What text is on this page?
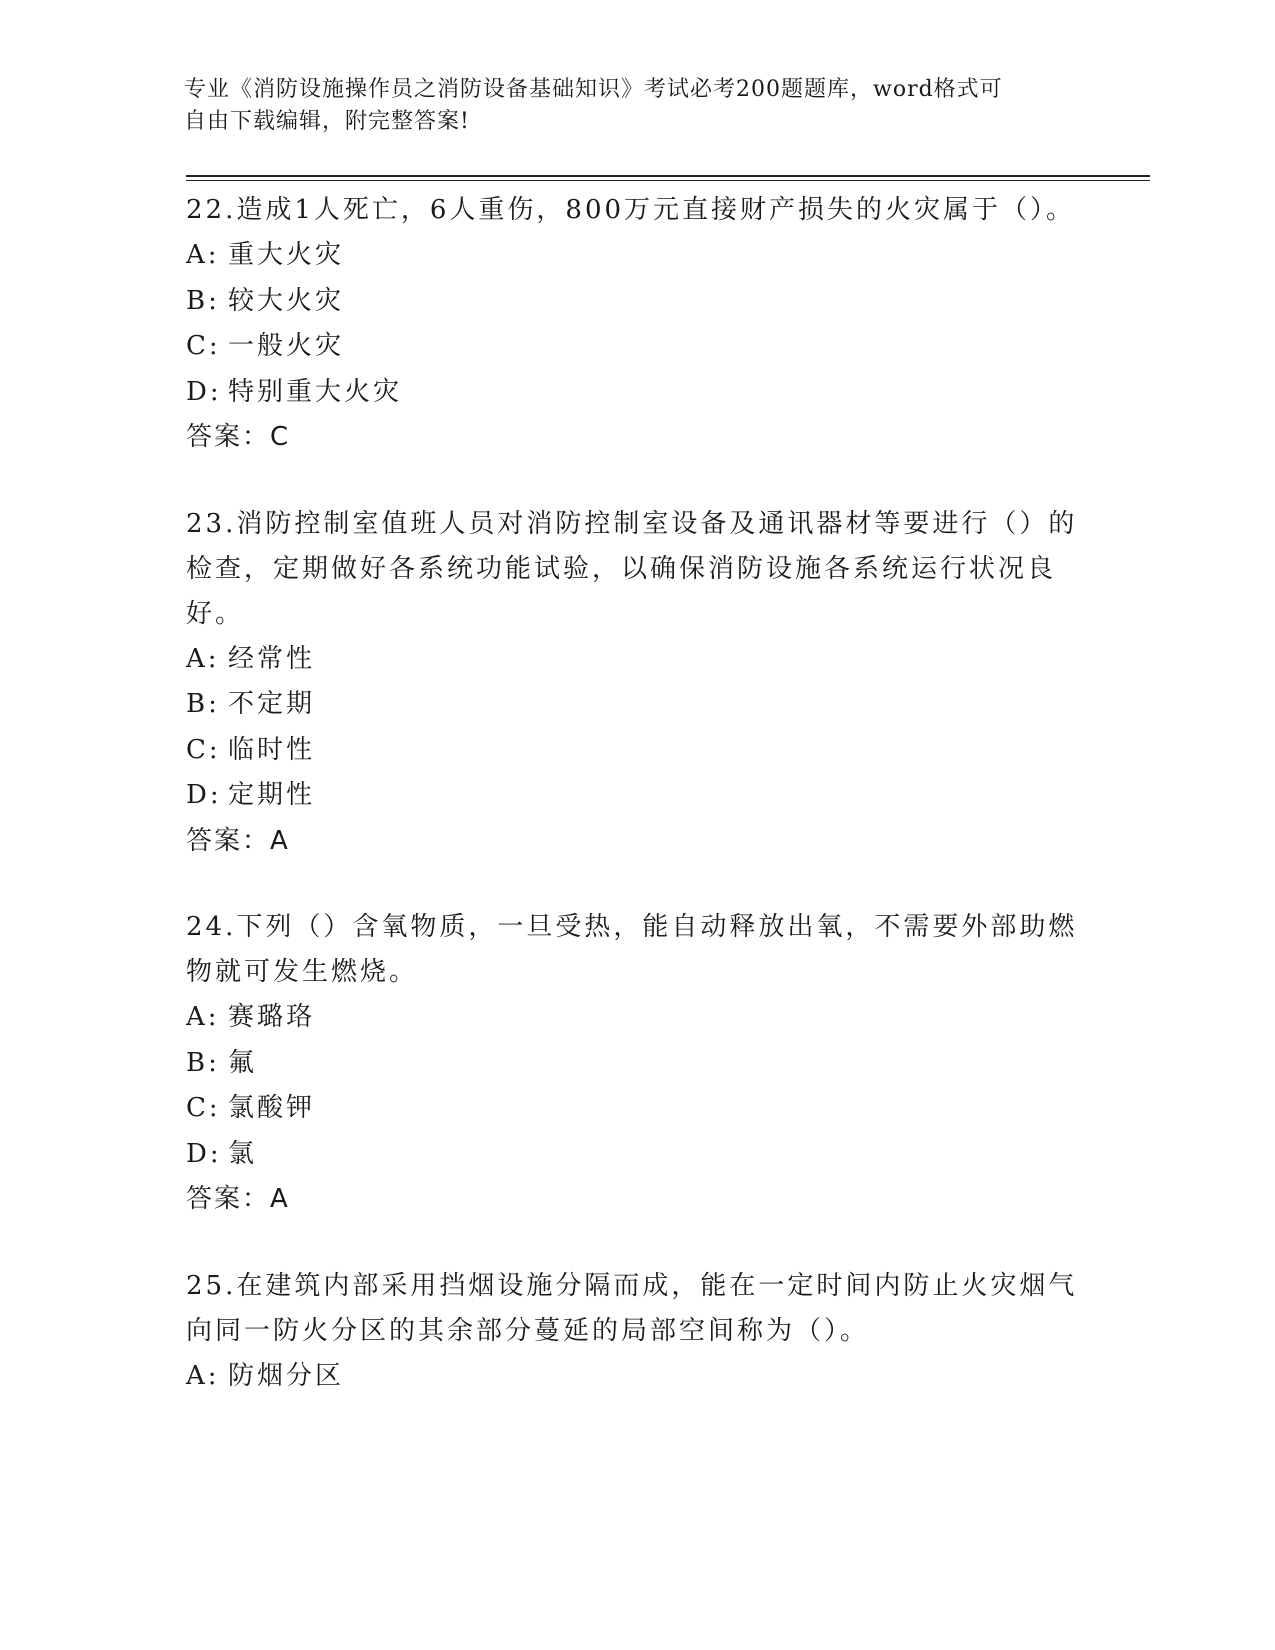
专业《消防设施操作员之消防设备基础知识》考试必考200题题库，word格式可
自由下载编辑，附完整答案!

22.造成1人死亡，6人重伤，800万元直接财产损失的火灾属于（）。

A: 重大火灾

B: 较大火灾

C: 一般火灾

D: 特别重大火灾

答案：C

23.消防控制室值班人员对消防控制室设备及通讯器材等要进行（）的检查，定期做好各系统功能试验，以确保消防设施各系统运行状况良好。

A: 经常性

B: 不定期

C: 临时性

D: 定期性

答案：A

24.下列（）含氧物质，一旦受热，能自动释放出氧，不需要外部助燃物就可发生燃烧。

A: 赛璐珞

B: 氟

C: 氯酸钾

D: 氯

答案：A

25.在建筑内部采用挡烟设施分隔而成，能在一定时间内防止火灾烟气向同一防火分区的其余部分蔓延的局部空间称为（）。

A: 防烟分区
